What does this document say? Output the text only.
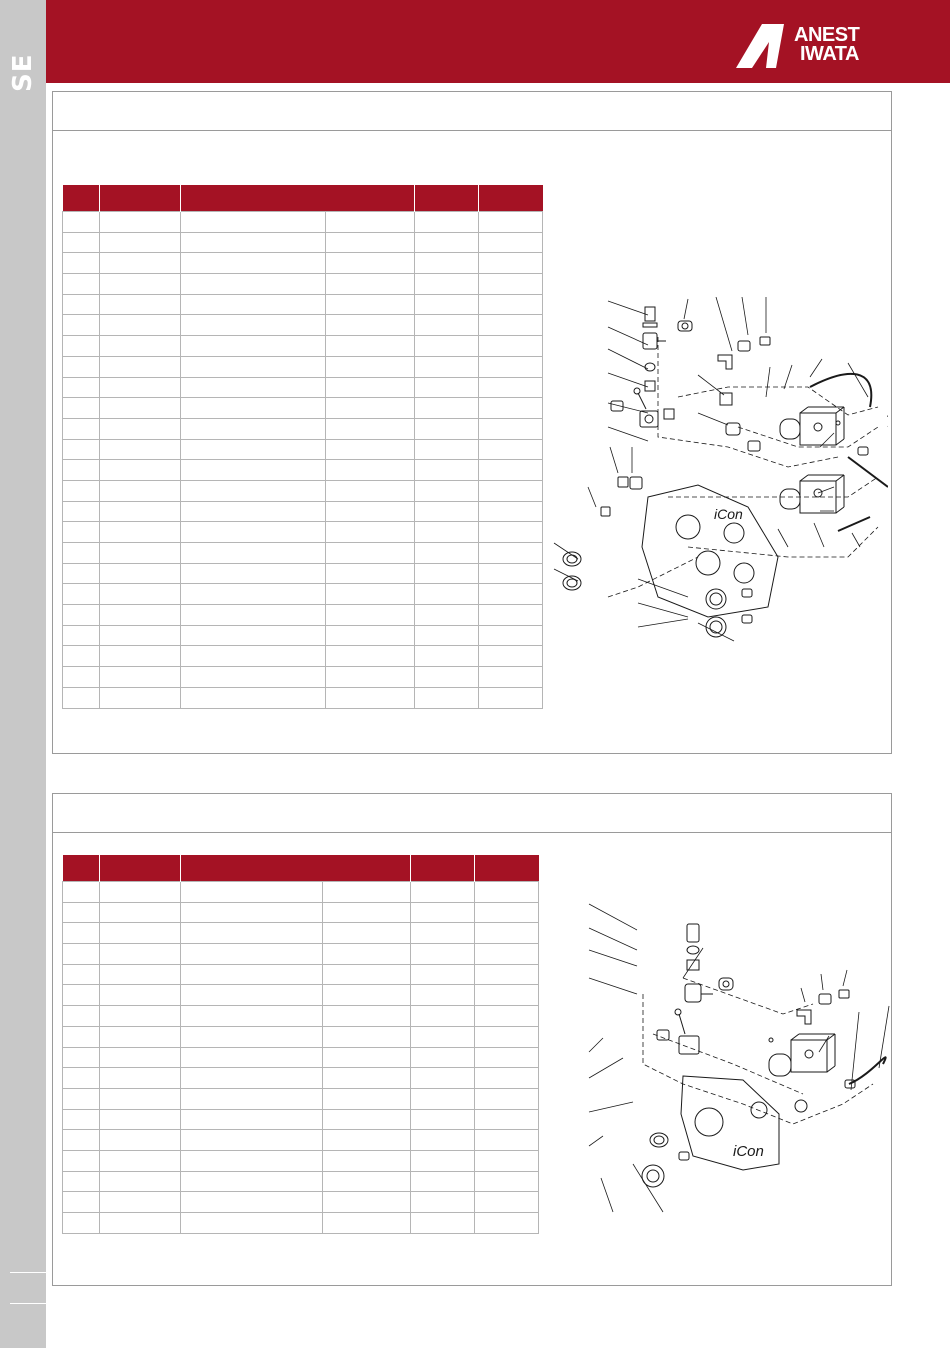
SE
ANEST
IWATA

iCon

iCon
